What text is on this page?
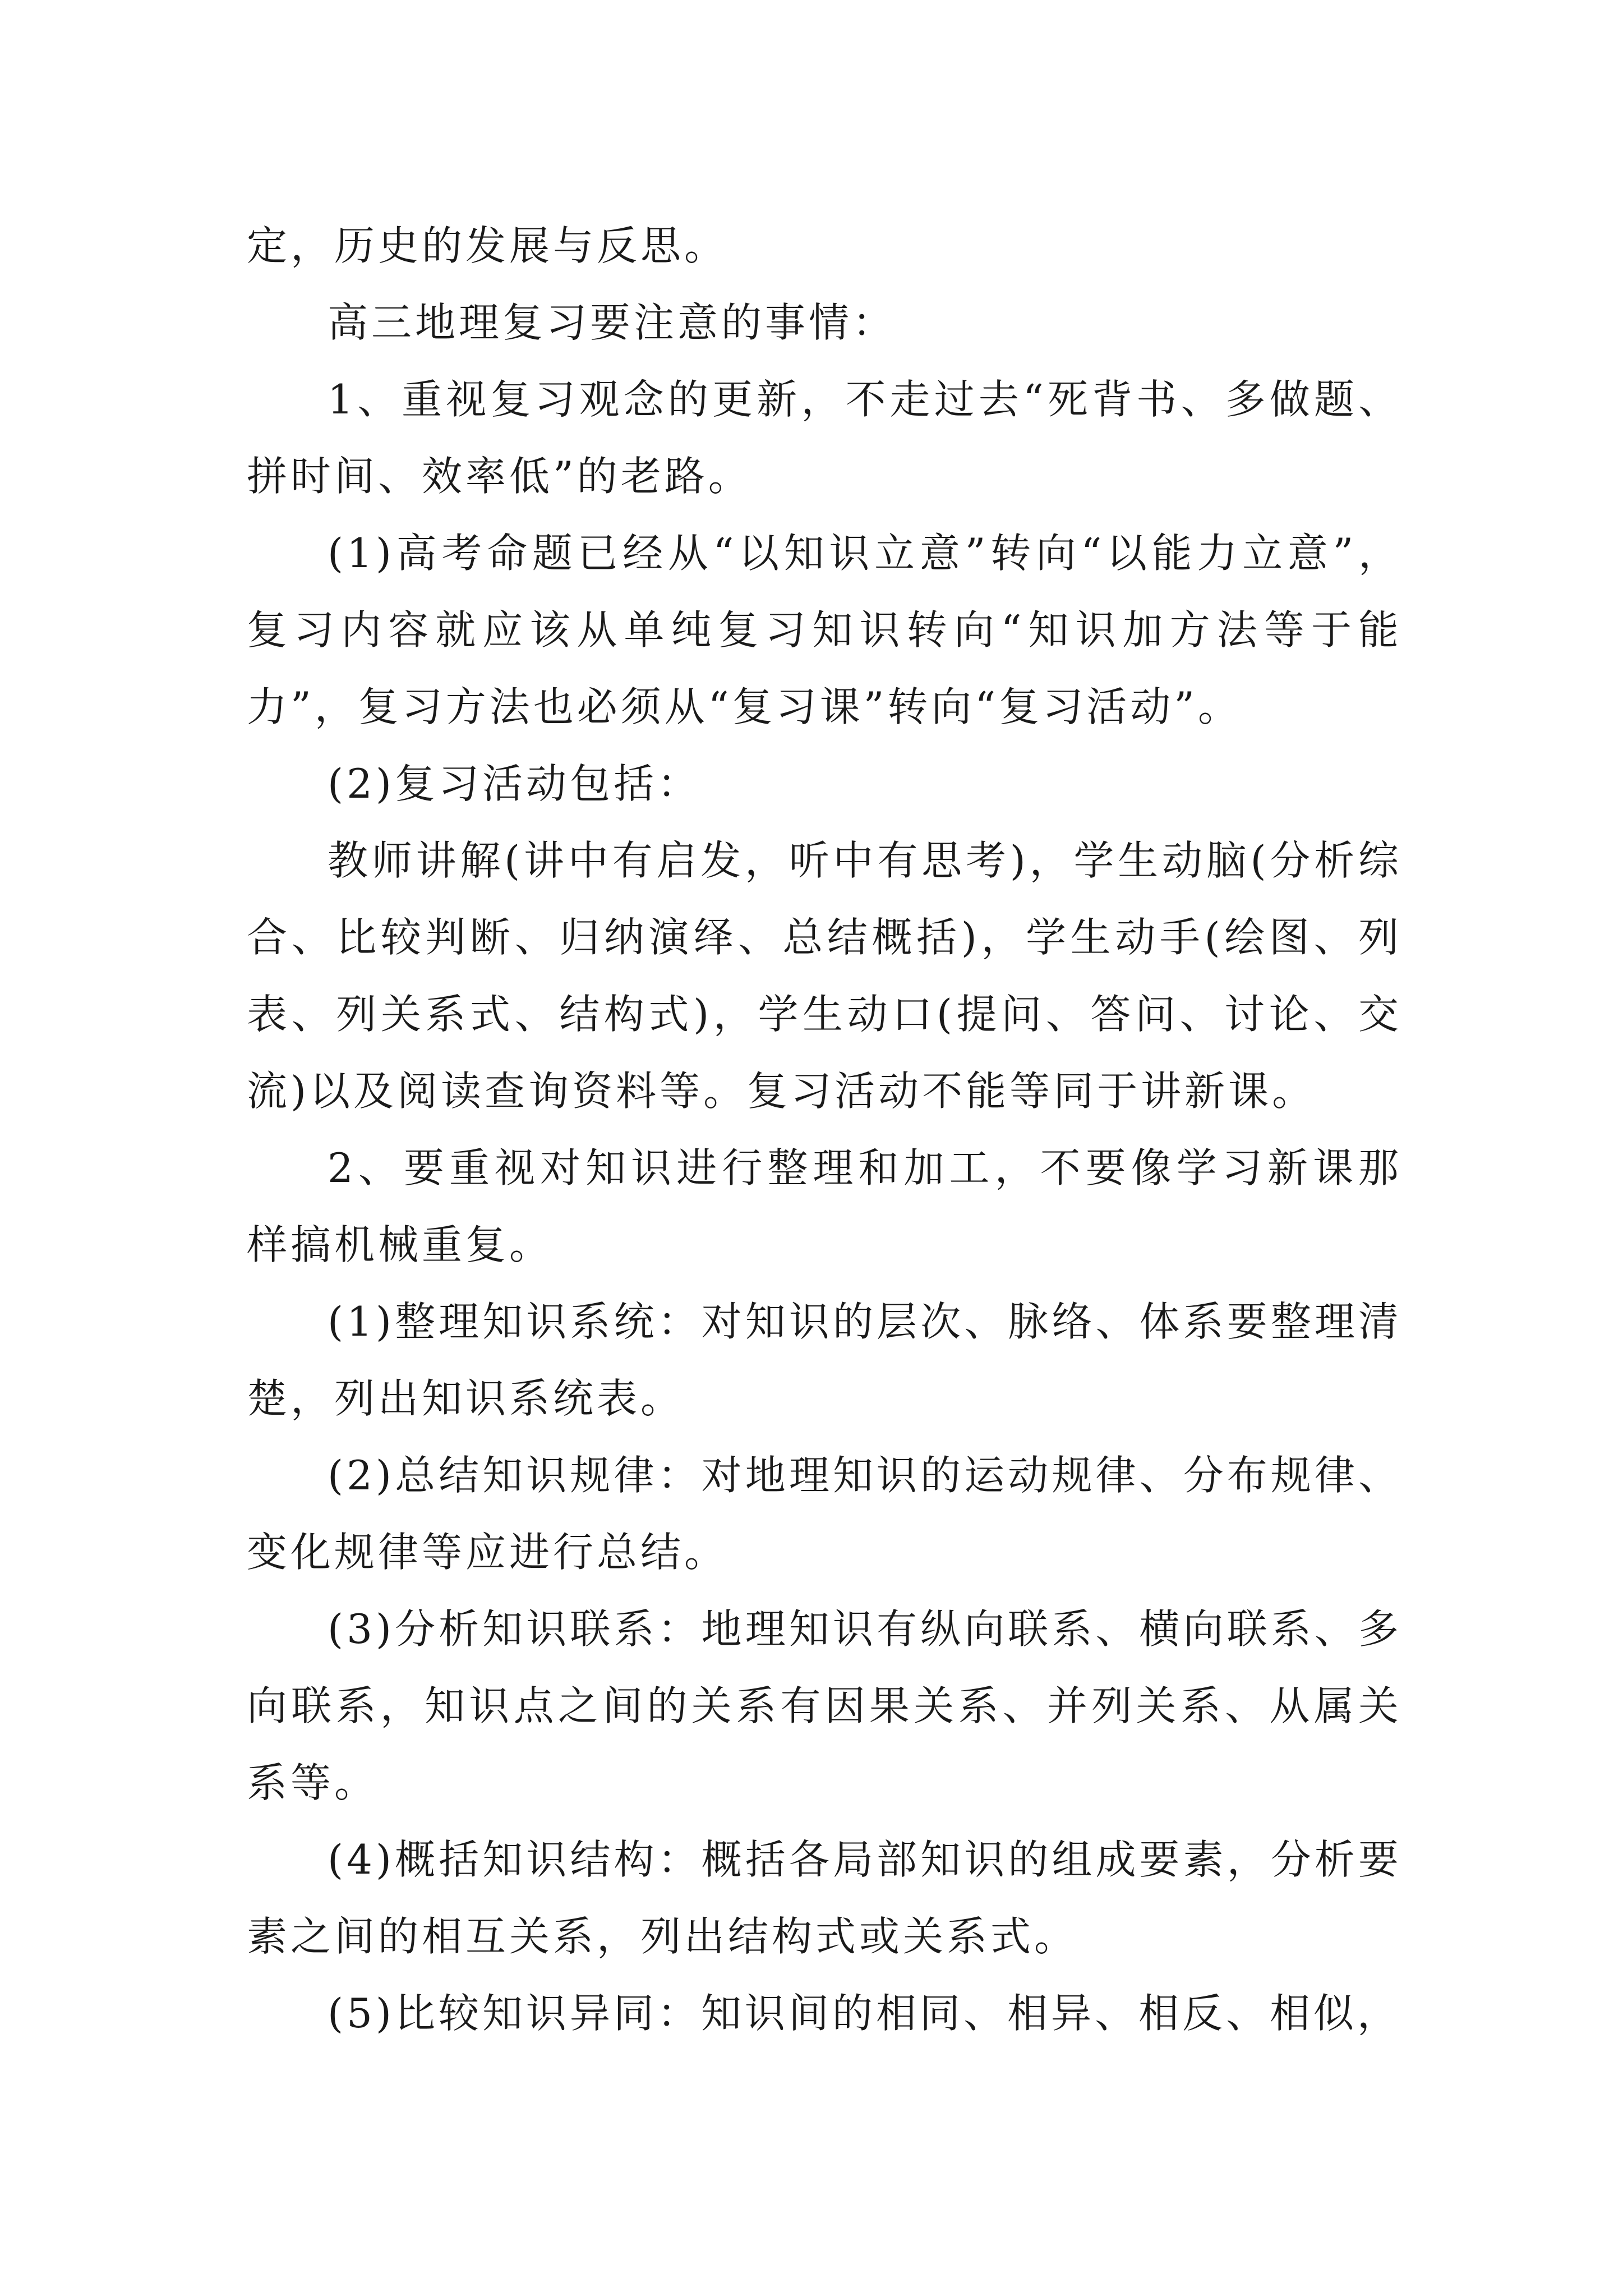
定，历史的发展与反思。

高三地理复习要注意的事情：

1、重视复习观念的更新，不走过去“死背书、多做题、拼时间、效率低”的老路。

(1)高考命题已经从“以知识立意”转向“以能力立意”，复习内容就应该从单纯复习知识转向“知识加方法等于能力”，复习方法也必须从“复习课”转向“复习活动”。

(2)复习活动包括：

教师讲解(讲中有启发，听中有思考)，学生动脑(分析综合、比较判断、归纳演绎、总结概括)，学生动手(绘图、列表、列关系式、结构式)，学生动口(提问、答问、讨论、交流)以及阅读查询资料等。复习活动不能等同于讲新课。

2、要重视对知识进行整理和加工，不要像学习新课那样搞机械重复。

(1)整理知识系统：对知识的层次、脉络、体系要整理清楚，列出知识系统表。

(2)总结知识规律：对地理知识的运动规律、分布规律、变化规律等应进行总结。

(3)分析知识联系：地理知识有纵向联系、横向联系、多向联系，知识点之间的关系有因果关系、并列关系、从属关系等。

(4)概括知识结构：概括各局部知识的组成要素，分析要素之间的相互关系，列出结构式或关系式。

(5)比较知识异同：知识间的相同、相异、相反、相似，
